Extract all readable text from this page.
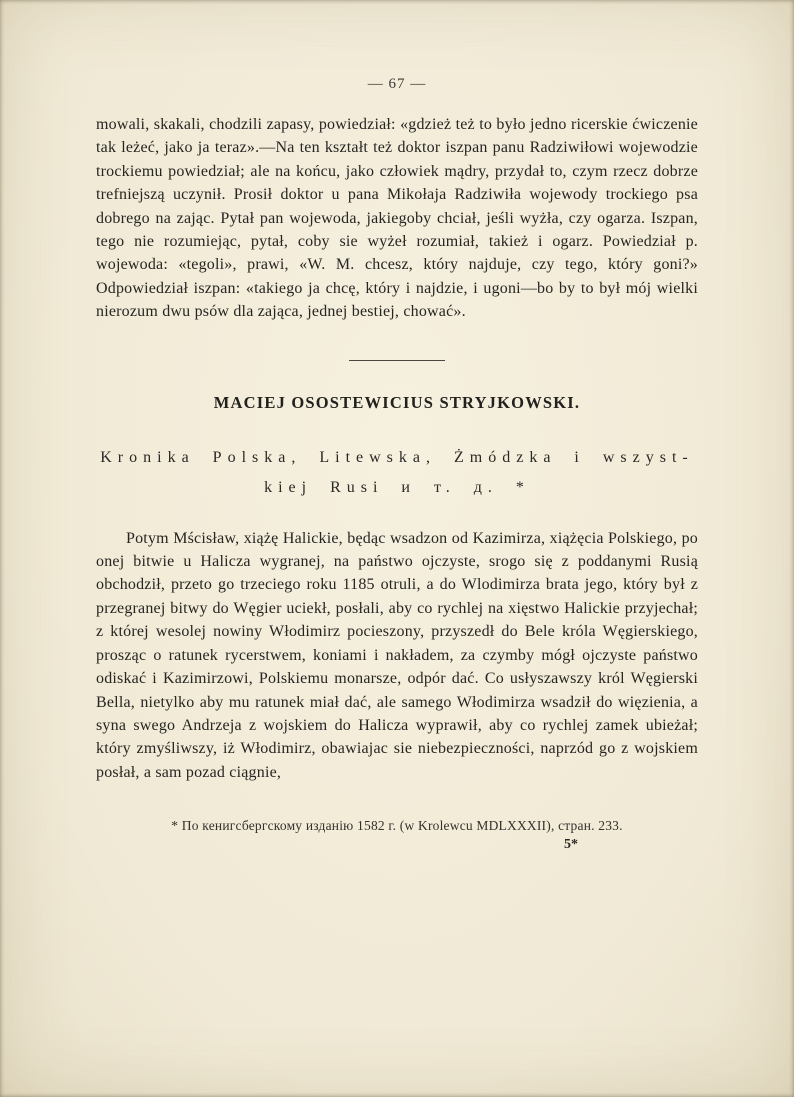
— 67 —

mowali, skakali, chodzili zapasy, powiedział: «gdzież też to było jedno ricerskie ćwiczenie tak leżeć, jako ja teraz».—Na ten kształt też doktor iszpan panu Radziwiłowi wojewodzie trockiemu powiedział; ale na końcu, jako człowiek mądry, przydał to, czym rzecz dobrze trefniejszą uczynił. Prosił doktor u pana Mikołaja Radziwiła wojewody trockiego psa dobrego na zając. Pytał pan wojewoda, jakiegoby chciał, jeśli wyżła, czy ogarza. Iszpan, tego nie rozumiejąc, pytał, coby sie wyżeł rozumiał, takież i ogarz. Powiedział p. wojewoda: «tegoli», prawi, «W. M. chcesz, który najduje, czy tego, który goni?» Odpowiedział iszpan: «takiego ja chcę, który i najdzie, i ugoni—bo by to był mój wielki nierozum dwu psów dla zająca, jednej bestiej, chować».

MACIEJ OSOSTEWICIUS STRYJKOWSKI.
Kronika Polska, Litewska, Żmódzka i wszyst-
kiej Rusi и т. д. *

Potym Mścisław, xiążę Halickie, będąc wsadzon od Kazimirza, xiążęcia Polskiego, po onej bitwie u Halicza wygranej, na państwo ojczyste, srogo się z poddanymi Rusią obchodził, przeto go trzeciego roku 1185 otruli, a do Wlodimirza brata jego, który był z przegranej bitwy do Węgier uciekł, posłali, aby co rychlej na xięstwo Halickie przyjechał; z której wesolej nowiny Włodimirz pocieszony, przyszedł do Bele króla Węgierskiego, prosząc o ratunek rycerstwem, koniami i nakładem, za czymby mógł ojczyste państwo odiskać i Kazimirzowi, Polskiemu monarsze, odpór dać. Co usłyszawszy król Węgierski Bella, nietylko aby mu ratunek miał dać, ale samego Włodimirza wsadził do więzienia, a syna swego Andrzeja z wojskiem do Halicza wyprawił, aby co rychlej zamek ubieżał; który zmyśliwszy, iż Włodimirz, obawiajac sie niebezpieczności, naprzód go z wojskiem posłał, a sam pozad ciągnie,

* По кенигсбергскому изданію 1582 г. (w Krolewcu MDLXXXII), стран. 233.
5*
